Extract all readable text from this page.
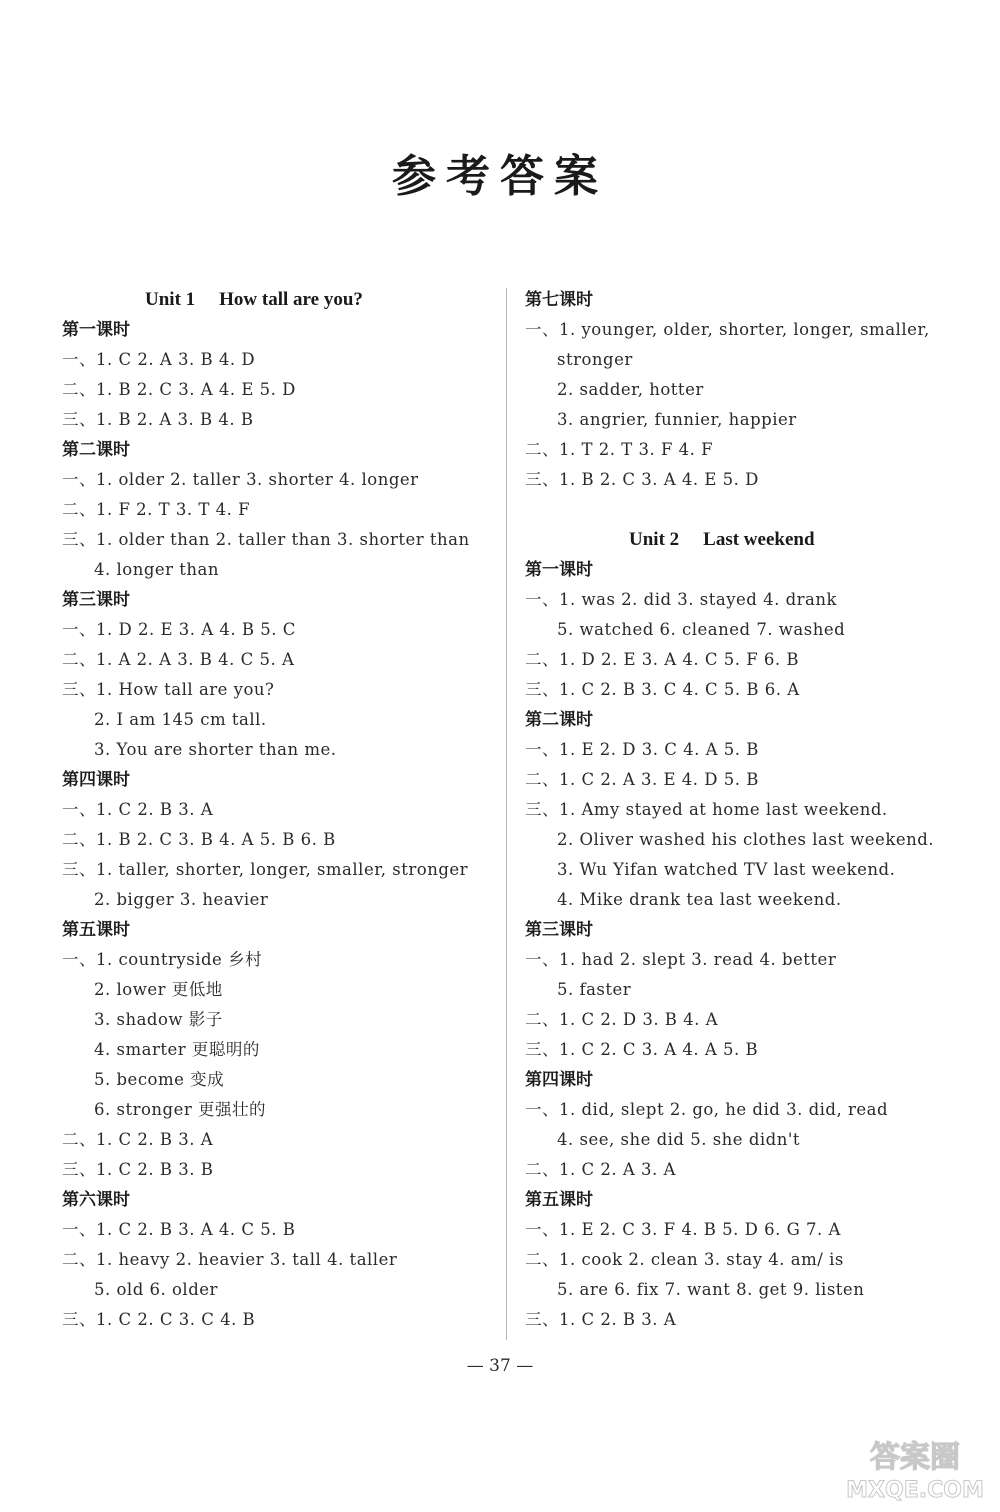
参考答案
Unit 1 How tall are you?
第一课时
一、1. C 2. A 3. B 4. D
二、1. B 2. C 3. A 4. E 5. D
三、1. B 2. A 3. B 4. B
第二课时
一、1. older 2. taller 3. shorter 4. longer
二、1. F 2. T 3. T 4. F
三、1. older than 2. taller than 3. shorter than
4. longer than
第三课时
一、1. D 2. E 3. A 4. B 5. C
二、1. A 2. A 3. B 4. C 5. A
三、1. How tall are you?
2. I am 145 cm tall.
3. You are shorter than me.
第四课时
一、1. C 2. B 3. A
二、1. B 2. C 3. B 4. A 5. B 6. B
三、1. taller, shorter, longer, smaller, stronger
2. bigger 3. heavier
第五课时
一、1. countryside 乡村
2. lower 更低地
3. shadow 影子
4. smarter 更聪明的
5. become 变成
6. stronger 更强壮的
二、1. C 2. B 3. A
三、1. C 2. B 3. B
第六课时
一、1. C 2. B 3. A 4. C 5. B
二、1. heavy 2. heavier 3. tall 4. taller
5. old 6. older
三、1. C 2. C 3. C 4. B
第七课时
一、1. younger, older, shorter, longer, smaller,
stronger
2. sadder, hotter
3. angrier, funnier, happier
二、1. T 2. T 3. F 4. F
三、1. B 2. C 3. A 4. E 5. D
Unit 2 Last weekend
第一课时
一、1. was 2. did 3. stayed 4. drank
5. watched 6. cleaned 7. washed
二、1. D 2. E 3. A 4. C 5. F 6. B
三、1. C 2. B 3. C 4. C 5. B 6. A
第二课时
一、1. E 2. D 3. C 4. A 5. B
二、1. C 2. A 3. E 4. D 5. B
三、1. Amy stayed at home last weekend.
2. Oliver washed his clothes last weekend.
3. Wu Yifan watched TV last weekend.
4. Mike drank tea last weekend.
第三课时
一、1. had 2. slept 3. read 4. better
5. faster
二、1. C 2. D 3. B 4. A
三、1. C 2. C 3. A 4. A 5. B
第四课时
一、1. did, slept 2. go, he did 3. did, read
4. see, she did 5. she didn't
二、1. C 2. A 3. A
第五课时
一、1. E 2. C 3. F 4. B 5. D 6. G 7. A
二、1. cook 2. clean 3. stay 4. am/ is
5. are 6. fix 7. want 8. get 9. listen
三、1. C 2. B 3. A
— 37 —
答案圈
MXQE.COM
